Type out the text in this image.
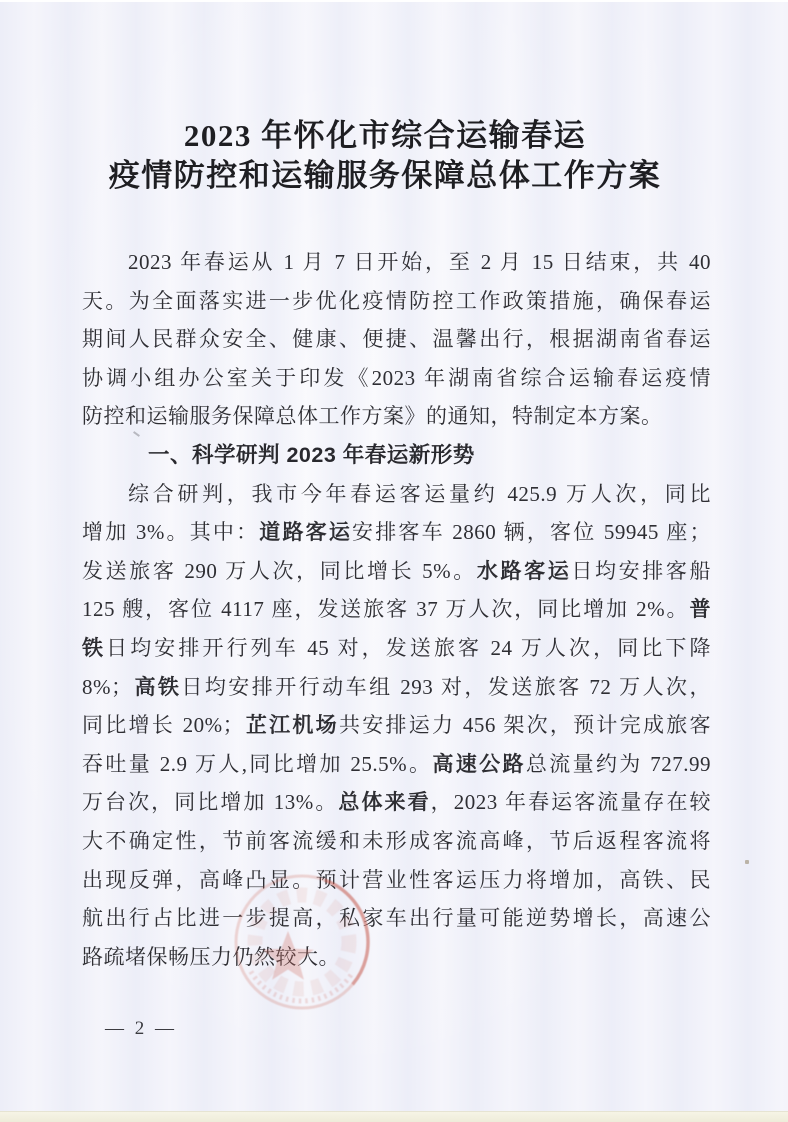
2023 年怀化市综合运输春运
疫情防控和运输服务保障总体工作方案
2023 年春运从 1 月 7 日开始，至 2 月 15 日结束，共 40
天。为全面落实进一步优化疫情防控工作政策措施，确保春运
期间人民群众安全、健康、便捷、温馨出行，根据湖南省春运
协调小组办公室关于印发《2023 年湖南省综合运输春运疫情
防控和运输服务保障总体工作方案》的通知，特制定本方案。
一、科学研判 2023 年春运新形势
综合研判，我市今年春运客运量约 425.9 万人次，同比
增加 3%。其中：道路客运安排客车 2860 辆，客位 59945 座；
发送旅客 290 万人次，同比增长 5%。水路客运日均安排客船
125 艘，客位 4117 座，发送旅客 37 万人次，同比增加 2%。普
铁日均安排开行列车 45 对，发送旅客 24 万人次，同比下降
8%；高铁日均安排开行动车组 293 对，发送旅客 72 万人次，
同比增长 20%；芷江机场共安排运力 456 架次，预计完成旅客
吞吐量 2.9 万人,同比增加 25.5%。高速公路总流量约为 727.99
万台次，同比增加 13%。总体来看，2023 年春运客流量存在较
大不确定性，节前客流缓和未形成客流高峰，节后返程客流将
出现反弹，高峰凸显。预计营业性客运压力将增加，高铁、民
航出行占比进一步提高，私家车出行量可能逆势增长，高速公
路疏堵保畅压力仍然较大。
— 2 —
